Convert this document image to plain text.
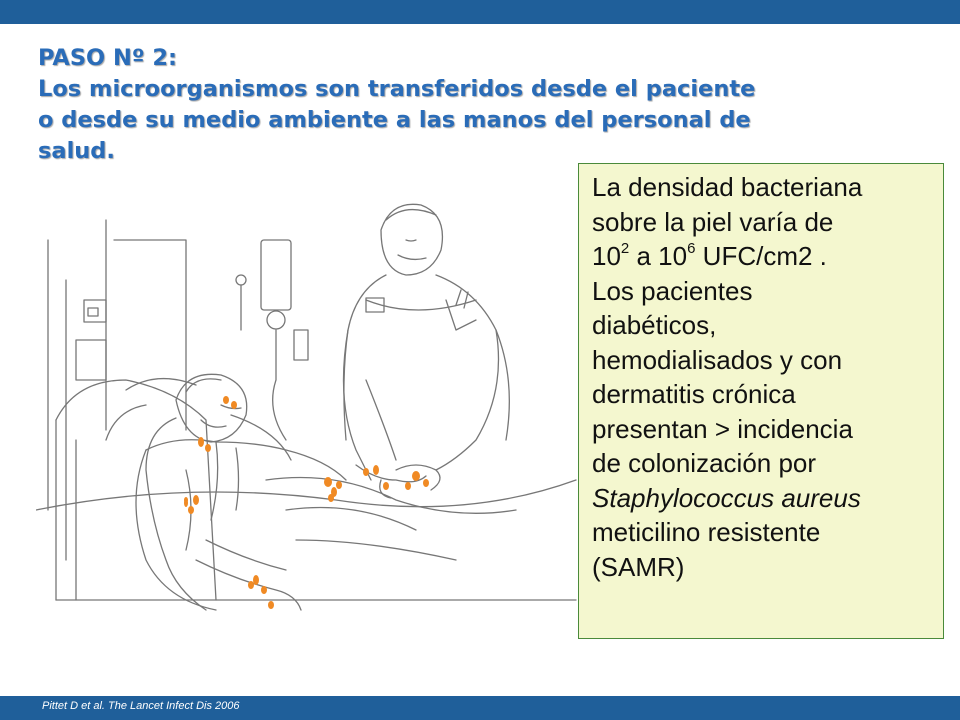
PASO Nº 2:
Los microorganismos son transferidos desde el paciente
o desde su medio ambiente a las manos del personal de
salud.
La densidad bacteriana
sobre la piel varía de
$10^2$ a $10^6$ UFC/cm2 .
Los pacientes
diabéticos,
hemodialisados y con
dermatitis crónica
presentan > incidencia
de colonización por
Staphylococcus aureus
meticilino resistente
(SAMR)
Pittet D et al. The Lancet Infect Dis 2006
